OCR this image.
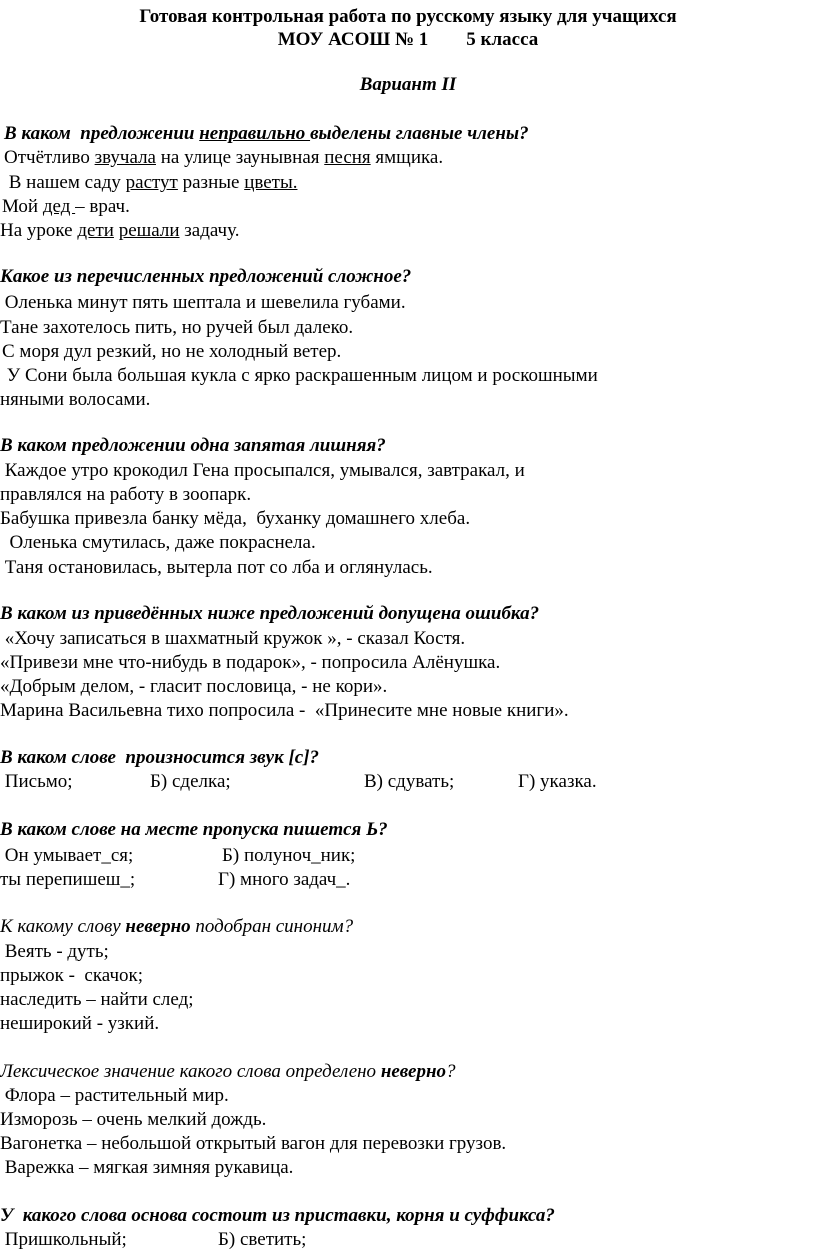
Готовая контрольная работа по русскому языку для учащихся
МОУ АСОШ № 1        5 класса
Вариант II
В каком  предложении неправильно выделены главные члены?
Отчётливо звучала на улице заунывная песня ямщика.
В нашем саду растут разные цветы.
Мой дед – врач.
На уроке дети решали задачу.
Какое из перечисленных предложений сложное?
Оленька минут пять шептала и шевелила губами.
Тане захотелось пить, но ручей был далеко.
С моря дул резкий, но не холодный ветер.
У Сони была большая кукла с ярко раскрашенным лицом и роскошными
няными волосами.
В каком предложении одна запятая лишняя?
Каждое утро крокодил Гена просыпался, умывался, завтракал, и
правлялся на работу в зоопарк.
Бабушка привезла банку мёда,  буханку домашнего хлеба.
Оленька смутилась, даже покраснела.
Таня остановилась, вытерла пот со лба и оглянулась.
В каком из приведённых ниже предложений допущена ошибка?
«Хочу записаться в шахматный кружок », - сказал Костя.
«Привези мне что-нибудь в подарок», - попросила Алёнушка.
«Добрым делом, - гласит пословица, - не кори».
Марина Васильевна тихо попросила -  «Принесите мне новые книги».
В каком слове  произносится звук [с]?
Письмо;	Б) сделка;	В) сдувать;	Г) указка.
В каком слове на месте пропуска пишется Ь?
Он умывает_ся;	Б) полуноч_ник;
ты перепишеш_;	Г) много задач_.
К какому слову неверно подобран синоним?
Веять - дуть;
прыжок -  скачок;
наследить – найти след;
неширокий - узкий.
Лексическое значение какого слова определено неверно?
Флора – растительный мир.
Изморозь – очень мелкий дождь.
Вагонетка – небольшой открытый вагон для перевозки грузов.
Варежка – мягкая зимняя рукавица.
У  какого слова основа состоит из приставки, корня и суффикса?
Пришкольный;	Б) светить;
